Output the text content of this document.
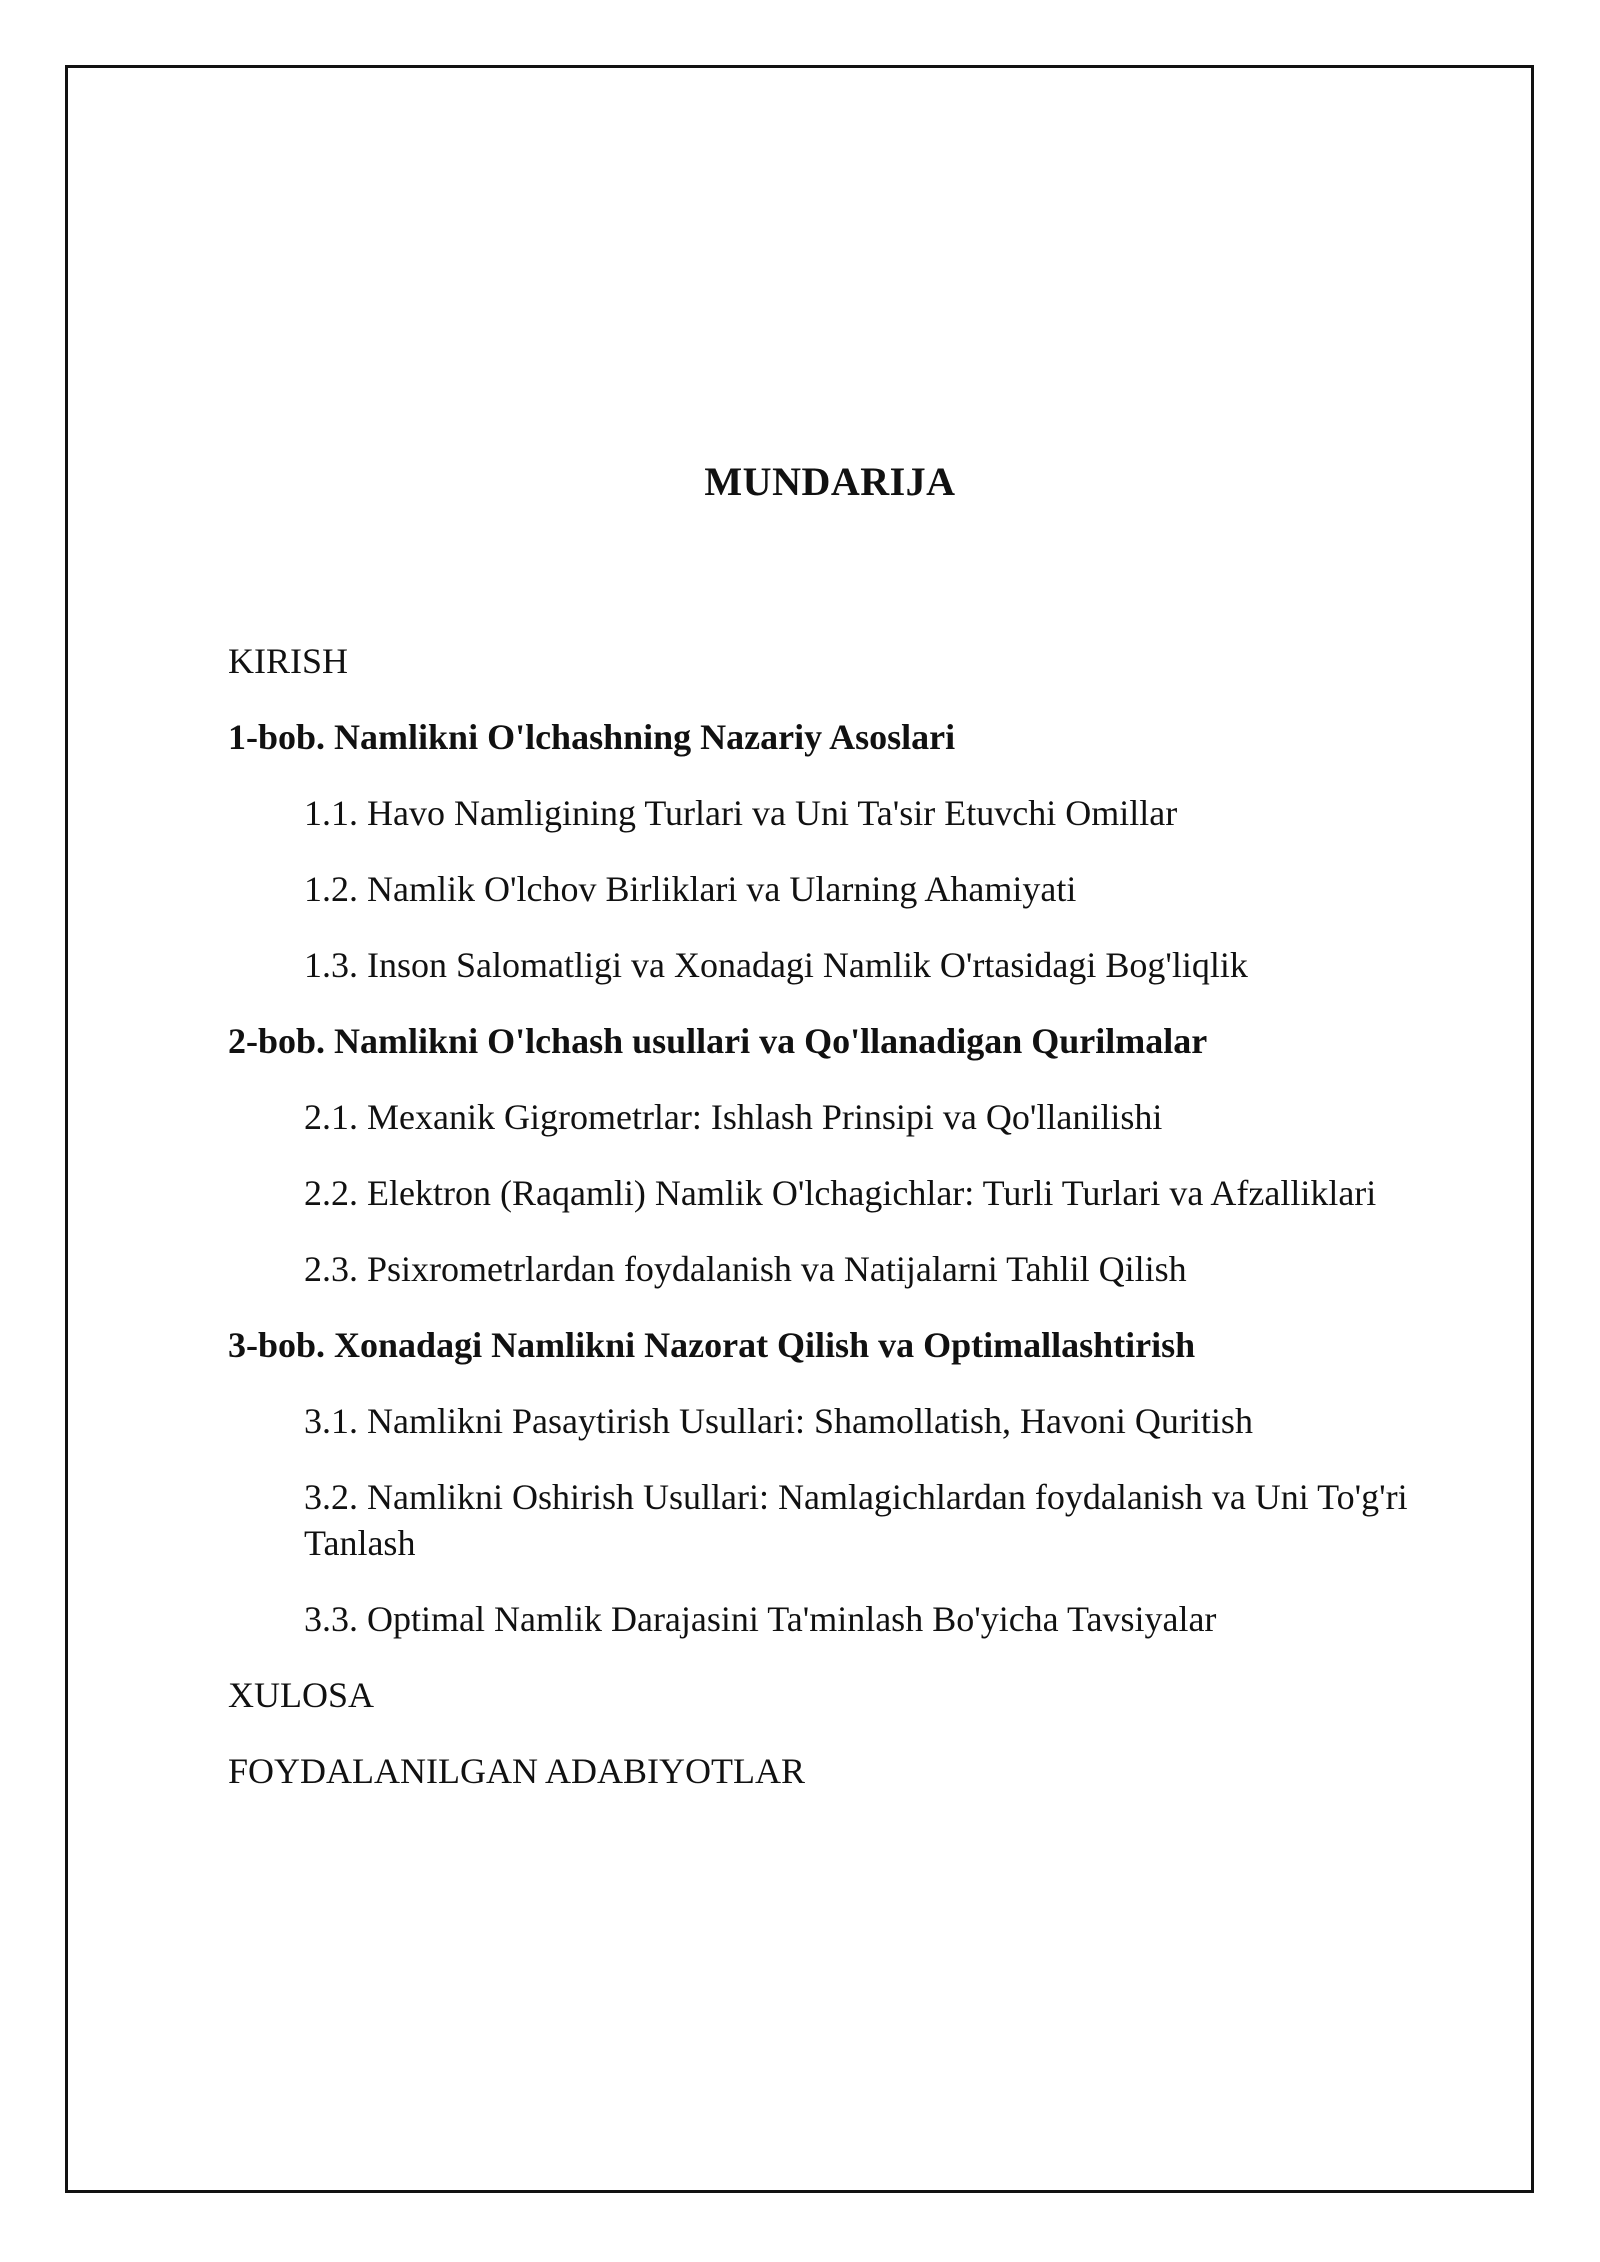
MUNDARIJA
KIRISH
1-bob. Namlikni O'lchashning Nazariy Asoslari
1.1. Havo Namligining Turlari va Uni Ta'sir Etuvchi Omillar
1.2. Namlik O'lchov Birliklari va Ularning Ahamiyati
1.3. Inson Salomatligi va Xonadagi Namlik O'rtasidagi Bog'liqlik
2-bob. Namlikni O'lchash usullari va Qo'llanadigan Qurilmalar
2.1. Mexanik Gigrometrlar: Ishlash Prinsipi va Qo'llanilishi
2.2. Elektron (Raqamli) Namlik O'lchagichlar: Turli Turlari va Afzalliklari
2.3. Psixrometrlardan foydalanish va Natijalarni Tahlil Qilish
3-bob. Xonadagi Namlikni Nazorat Qilish va Optimallashtirish
3.1. Namlikni Pasaytirish Usullari: Shamollatish, Havoni Quritish
3.2. Namlikni Oshirish Usullari: Namlagichlardan foydalanish va Uni To'g'ri Tanlash
3.3. Optimal Namlik Darajasini Ta'minlash Bo'yicha Tavsiyalar
XULOSA
FOYDALANILGAN ADABIYOTLAR
